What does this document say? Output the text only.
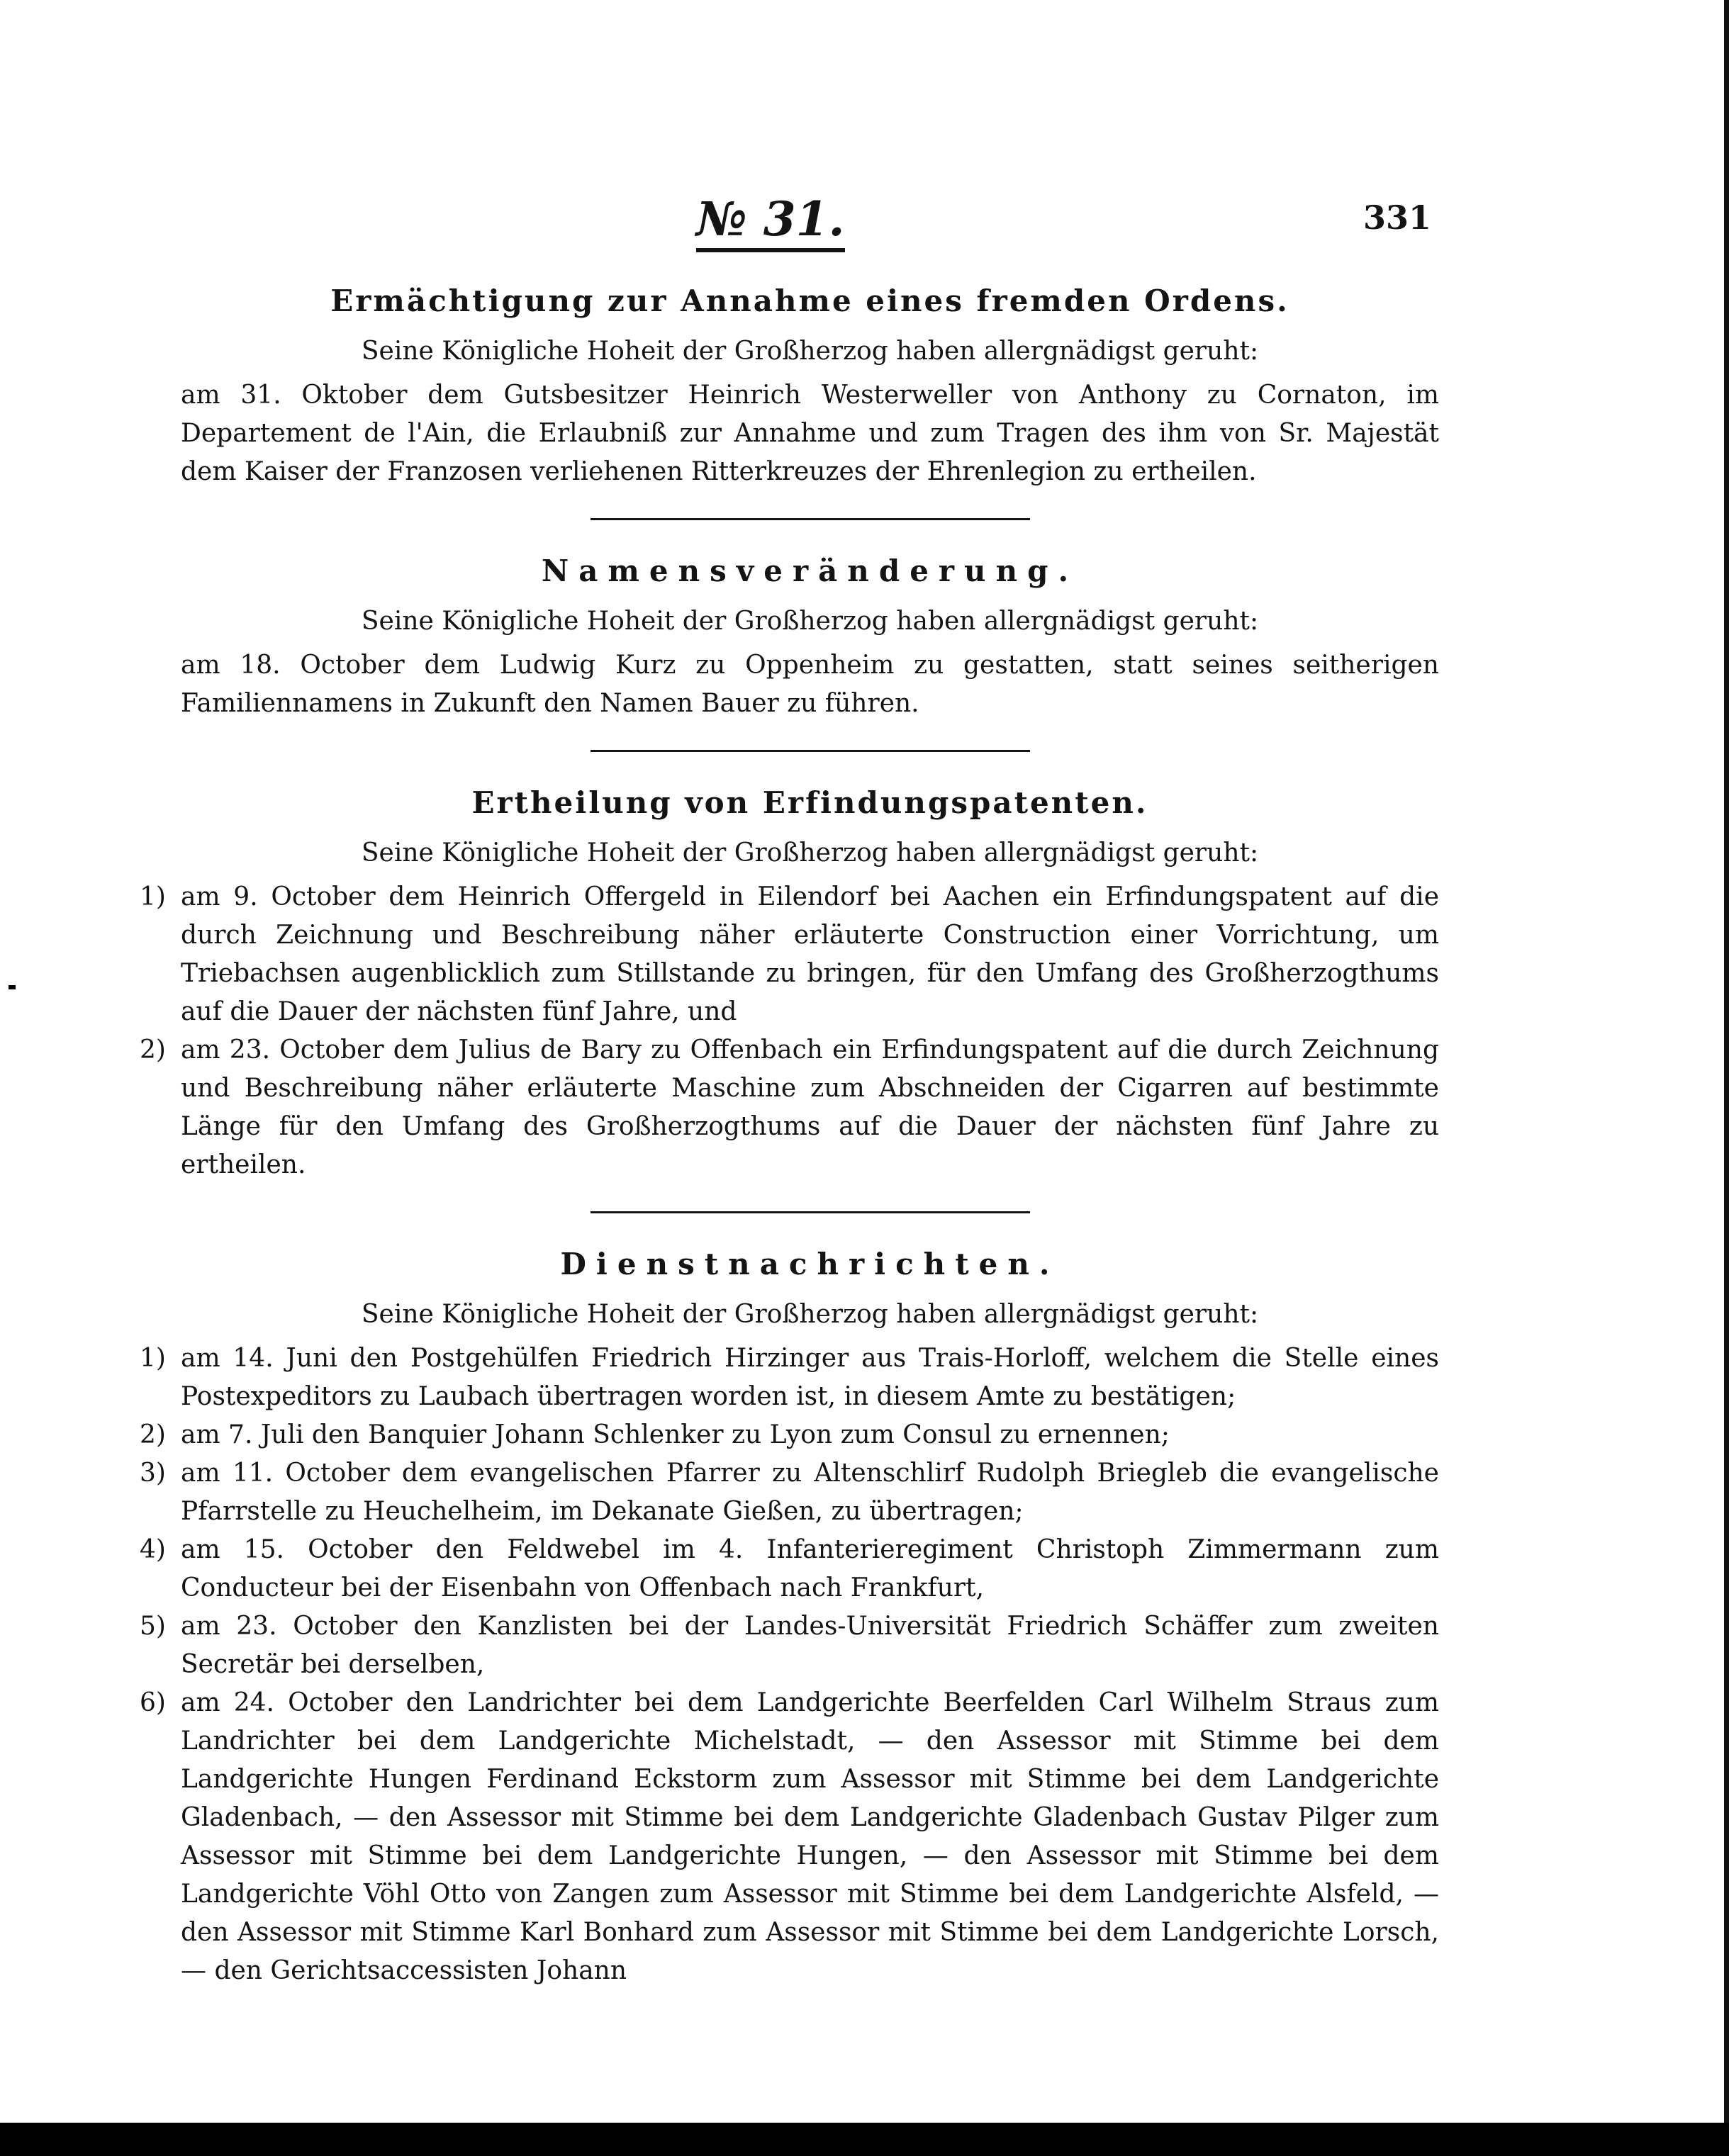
№ 31.	331
Ermächtigung zur Annahme eines fremden Ordens.
Seine Königliche Hoheit der Großherzog haben allergnädigst geruht:

am 31. Oktober dem Gutsbesitzer Heinrich Westerweller von Anthony zu Cornaton, im Departement de l'Ain, die Erlaubniß zur Annahme und zum Tragen des ihm von Sr. Majestät dem Kaiser der Franzosen verliehenen Ritterkreuzes der Ehrenlegion zu ertheilen.

Namensveränderung.
Seine Königliche Hoheit der Großherzog haben allergnädigst geruht:

am 18. October dem Ludwig Kurz zu Oppenheim zu gestatten, statt seines seitherigen Familiennamens in Zukunft den Namen Bauer zu führen.

Ertheilung von Erfindungspatenten.
Seine Königliche Hoheit der Großherzog haben allergnädigst geruht:
1) am 9. October dem Heinrich Offergeld in Eilendorf bei Aachen ein Erfindungspatent auf die durch Zeichnung und Beschreibung näher erläuterte Construction einer Vorrichtung, um Triebachsen augenblicklich zum Stillstande zu bringen, für den Umfang des Großherzogthums auf die Dauer der nächsten fünf Jahre, und
2) am 23. October dem Julius de Bary zu Offenbach ein Erfindungspatent auf die durch Zeichnung und Beschreibung näher erläuterte Maschine zum Abschneiden der Cigarren auf bestimmte Länge für den Umfang des Großherzogthums auf die Dauer der nächsten fünf Jahre zu ertheilen.
Dienstnachrichten.
Seine Königliche Hoheit der Großherzog haben allergnädigst geruht:
1) am 14. Juni den Postgehülfen Friedrich Hirzinger aus Trais-Horloff, welchem die Stelle eines Postexpeditors zu Laubach übertragen worden ist, in diesem Amte zu bestätigen;
2) am 7. Juli den Banquier Johann Schlenker zu Lyon zum Consul zu ernennen;
3) am 11. October dem evangelischen Pfarrer zu Altenschlirf Rudolph Briegleb die evangelische Pfarrstelle zu Heuchelheim, im Dekanate Gießen, zu übertragen;
4) am 15. October den Feldwebel im 4. Infanterieregiment Christoph Zimmermann zum Conducteur bei der Eisenbahn von Offenbach nach Frankfurt,
5) am 23. October den Kanzlisten bei der Landes-Universität Friedrich Schäffer zum zweiten Secretär bei derselben,
6) am 24. October den Landrichter bei dem Landgerichte Beerfelden Carl Wilhelm Straus zum Landrichter bei dem Landgerichte Michelstadt, — den Assessor mit Stimme bei dem Landgerichte Hungen Ferdinand Eckstorm zum Assessor mit Stimme bei dem Landgerichte Gladenbach, — den Assessor mit Stimme bei dem Landgerichte Gladenbach Gustav Pilger zum Assessor mit Stimme bei dem Landgerichte Hungen, — den Assessor mit Stimme bei dem Landgerichte Vöhl Otto von Zangen zum Assessor mit Stimme bei dem Landgerichte Alsfeld, — den Assessor mit Stimme Karl Bonhard zum Assessor mit Stimme bei dem Landgerichte Lorsch, — den Gerichtsaccessisten Johann
